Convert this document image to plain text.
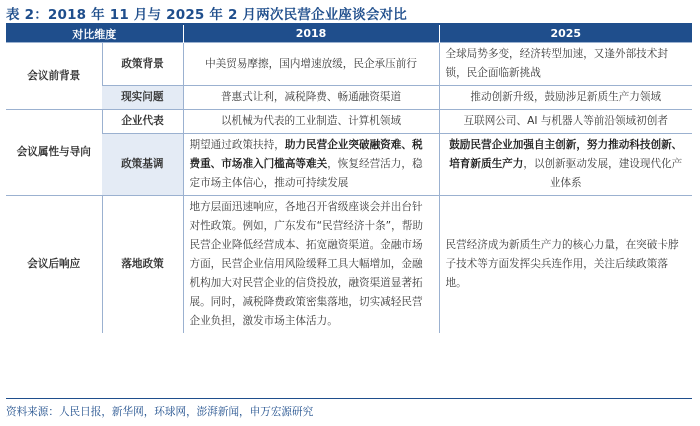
表 2：2018 年 11 月与 2025 年 2 月两次民营企业座谈会对比
对比维度		2018	2025
会议前背景	政策背景	中美贸易摩擦，国内增速放缓，民企承压前行	全球局势多变，经济转型加速，又逢外部技术封锁，民企面临新挑战
	现实问题	普惠式让利，减税降费、畅通融资渠道	推动创新升级，鼓励涉足新质生产力领域
会议属性与导向	企业代表	以机械为代表的工业制造、计算机领域	互联网公司、AI 与机器人等前沿领域初创者
	政策基调	期望通过政策扶持，助力民营企业突破融资难、税费重、市场准入门槛高等难关，恢复经营活力，稳定市场主体信心，推动可持续发展	鼓励民营企业加强自主创新，努力推动科技创新、培育新质生产力，以创新驱动发展，建设现代化产业体系
会议后响应	落地政策	地方层面迅速响应，各地召开省级座谈会并出台针对性政策。例如，广东发布“民营经济十条”，帮助民营企业降低经营成本、拓宽融资渠道。金融市场方面，民营企业信用风险缓释工具大幅增加，金融机构加大对民营企业的信贷投放，融资渠道显著拓展。同时，减税降费政策密集落地，切实减轻民营企业负担，激发市场主体活力。	民营经济成为新质生产力的核心力量，在突破卡脖子技术等方面发挥尖兵连作用，关注后续政策落地。
资料来源：人民日报，新华网，环球网，澎湃新闻，申万宏源研究
